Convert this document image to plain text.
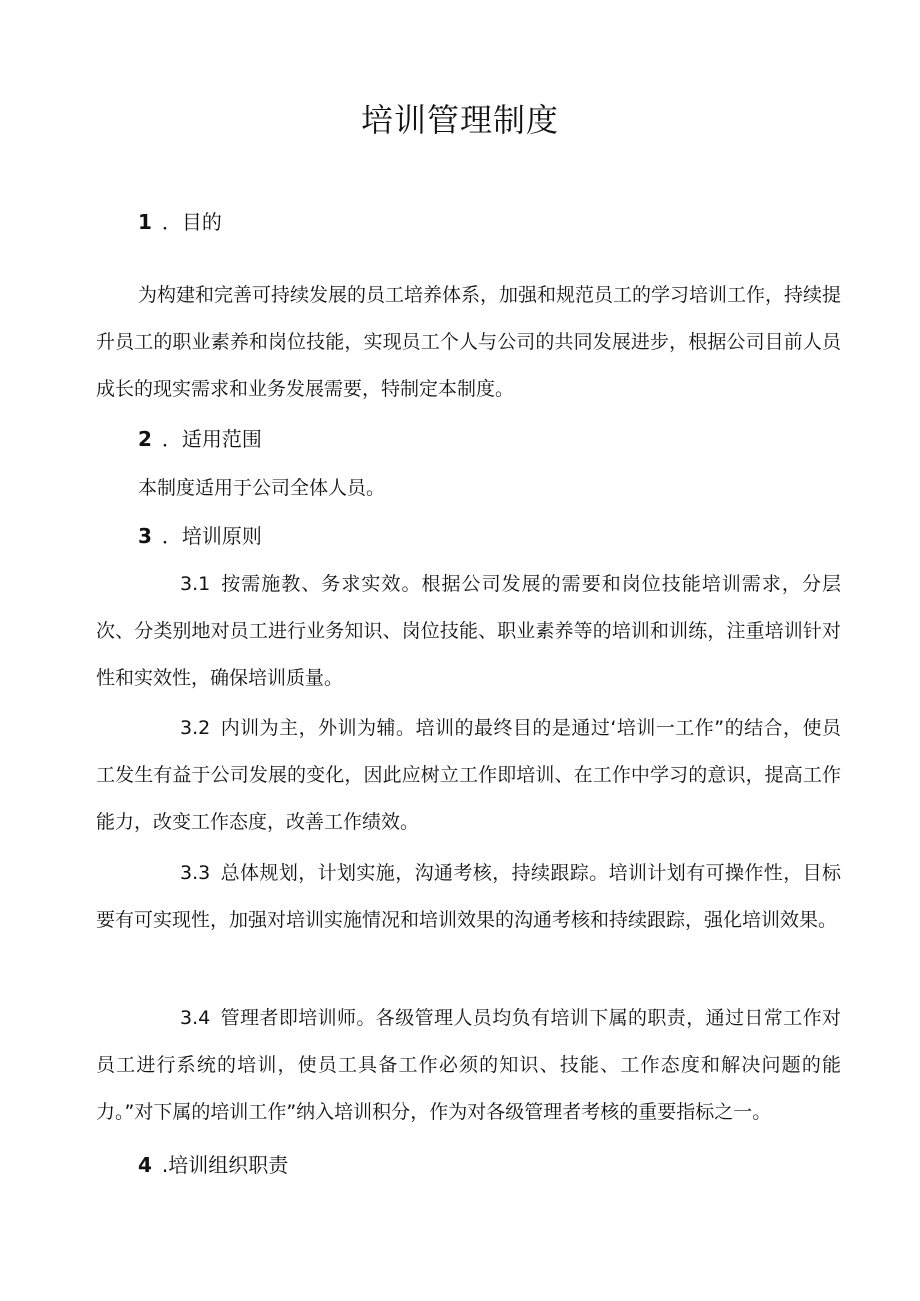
培训管理制度
1 ．目的

为构建和完善可持续发展的员工培养体系，加强和规范员工的学习培训工作，持续提升员工的职业素养和岗位技能，实现员工个人与公司的共同发展进步，根据公司目前人员成长的现实需求和业务发展需要，特制定本制度。

2 ．适用范围

本制度适用于公司全体人员。

3 ．培训原则

3.1 按需施教、务求实效。根据公司发展的需要和岗位技能培训需求，分层次、分类别地对员工进行业务知识、岗位技能、职业素养等的培训和训练，注重培训针对性和实效性，确保培训质量。

3.2 内训为主，外训为辅。培训的最终目的是通过‘培训一工作”的结合，使员工发生有益于公司发展的变化，因此应树立工作即培训、在工作中学习的意识，提高工作能力，改变工作态度，改善工作绩效。

3.3 总体规划，计划实施，沟通考核，持续跟踪。培训计划有可操作性，目标要有可实现性，加强对培训实施情况和培训效果的沟通考核和持续跟踪，强化培训效果。

3.4 管理者即培训师。各级管理人员均负有培训下属的职责，通过日常工作对员工进行系统的培训，使员工具备工作必须的知识、技能、工作态度和解决问题的能力。”对下属的培训工作”纳入培训积分，作为对各级管理者考核的重要指标之一。

4 .培训组织职责
